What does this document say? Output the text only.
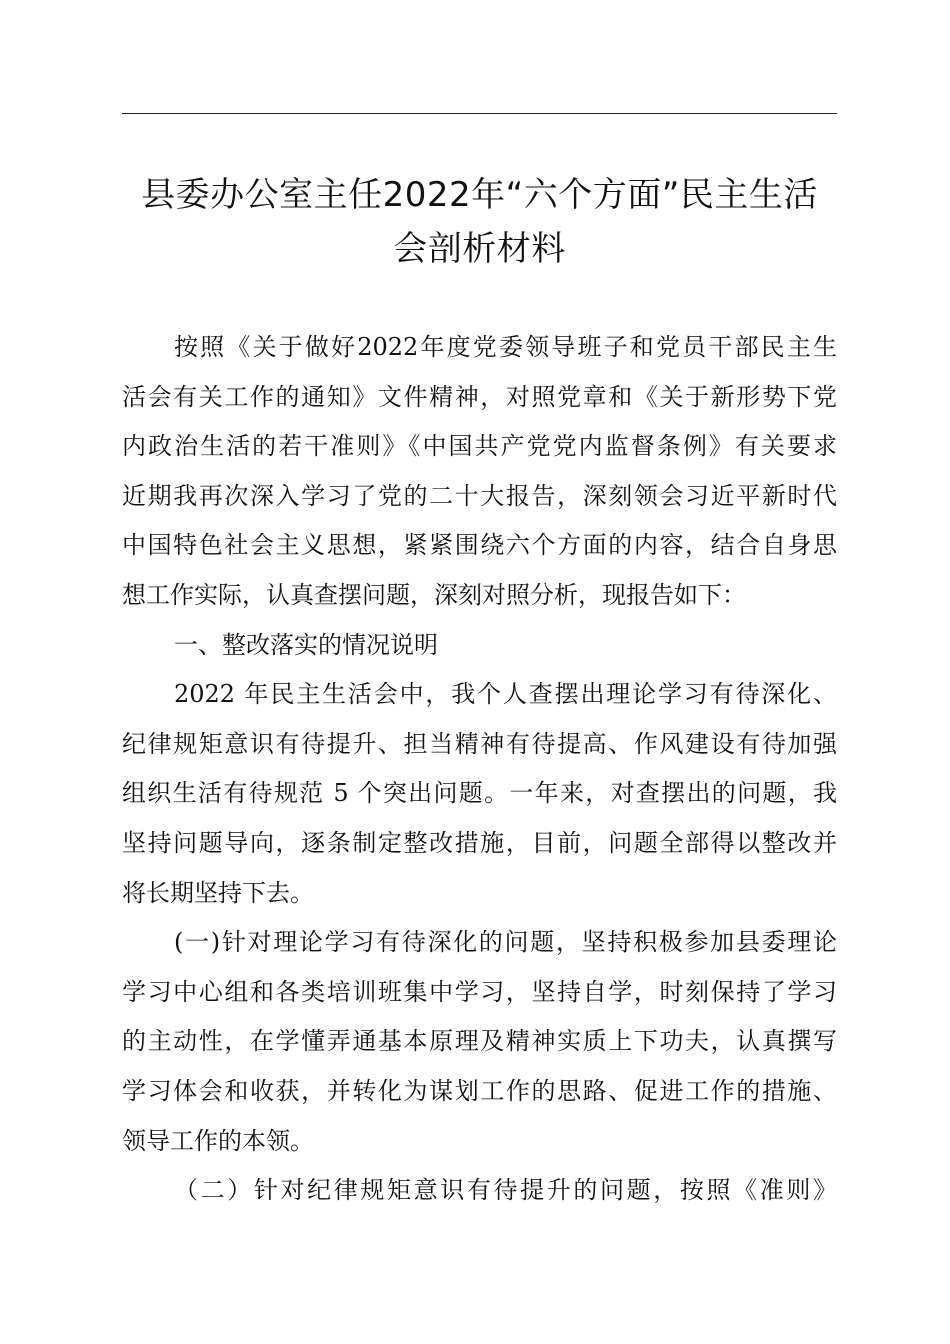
县委办公室主任2022年“六个方面”民主生活
会剖析材料

按照《关于做好2022年度党委领导班子和党员干部民主生
活会有关工作的通知》文件精神，对照党章和《关于新形势下党
内政治生活的若干准则》《中国共产党党内监督条例》有关要求
近期我再次深入学习了党的二十大报告，深刻领会习近平新时代
中国特色社会主义思想，紧紧围绕六个方面的内容，结合自身思
想工作实际，认真查摆问题，深刻对照分析，现报告如下：

一、整改落实的情况说明

2022 年民主生活会中，我个人查摆出理论学习有待深化、
纪律规矩意识有待提升、担当精神有待提高、作风建设有待加强
组织生活有待规范 5 个突出问题。一年来，对查摆出的问题，我
坚持问题导向，逐条制定整改措施，目前，问题全部得以整改并
将长期坚持下去。

(一)针对理论学习有待深化的问题，坚持积极参加县委理论
学习中心组和各类培训班集中学习，坚持自学，时刻保持了学习
的主动性，在学懂弄通基本原理及精神实质上下功夫，认真撰写
学习体会和收获，并转化为谋划工作的思路、促进工作的措施、
领导工作的本领。

（二）针对纪律规矩意识有待提升的问题，按照《准则》
